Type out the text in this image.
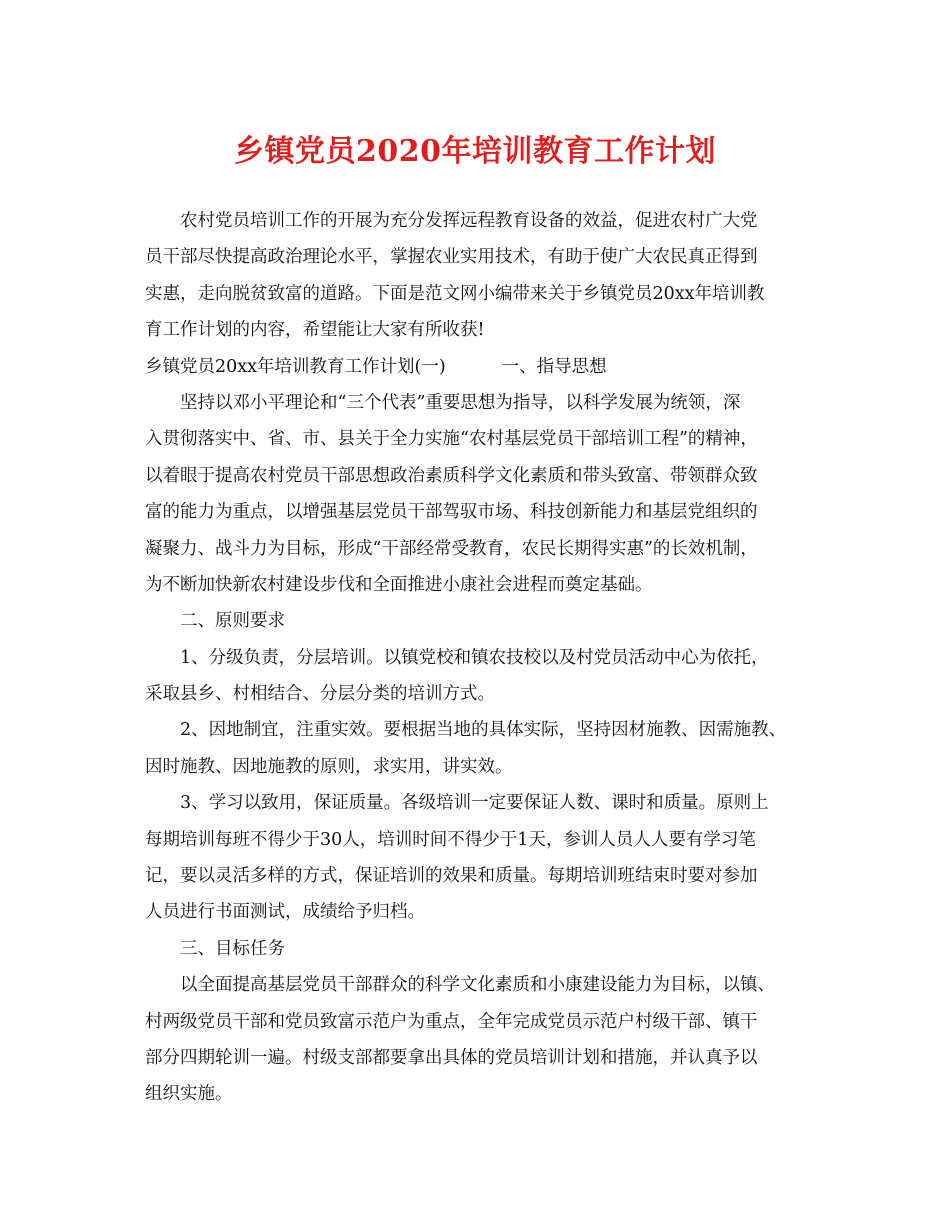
乡镇党员2020年培训教育工作计划
农村党员培训工作的开展为充分发挥远程教育设备的效益，促进农村广大党
员干部尽快提高政治理论水平，掌握农业实用技术，有助于使广大农民真正得到
实惠，走向脱贫致富的道路。下面是范文网小编带来关于乡镇党员20xx年培训教
育工作计划的内容，希望能让大家有所收获!
乡镇党员20xx年培训教育工作计划(一)	一、指导思想
坚持以邓小平理论和“三个代表”重要思想为指导，以科学发展为统领，深
入贯彻落实中、省、市、县关于全力实施“农村基层党员干部培训工程”的精神，
以着眼于提高农村党员干部思想政治素质科学文化素质和带头致富、带领群众致
富的能力为重点，以增强基层党员干部驾驭市场、科技创新能力和基层党组织的
凝聚力、战斗力为目标，形成“干部经常受教育，农民长期得实惠”的长效机制，
为不断加快新农村建设步伐和全面推进小康社会进程而奠定基础。
二、原则要求
1、分级负责，分层培训。以镇党校和镇农技校以及村党员活动中心为依托，
采取县乡、村相结合、分层分类的培训方式。
2、因地制宜，注重实效。要根据当地的具体实际，坚持因材施教、因需施教、
因时施教、因地施教的原则，求实用，讲实效。
3、学习以致用，保证质量。各级培训一定要保证人数、课时和质量。原则上
每期培训每班不得少于30人，培训时间不得少于1天，参训人员人人要有学习笔
记，要以灵活多样的方式，保证培训的效果和质量。每期培训班结束时要对参加
人员进行书面测试，成绩给予归档。
三、目标任务
以全面提高基层党员干部群众的科学文化素质和小康建设能力为目标，以镇、
村两级党员干部和党员致富示范户为重点，全年完成党员示范户村级干部、镇干
部分四期轮训一遍。村级支部都要拿出具体的党员培训计划和措施，并认真予以
组织实施。
